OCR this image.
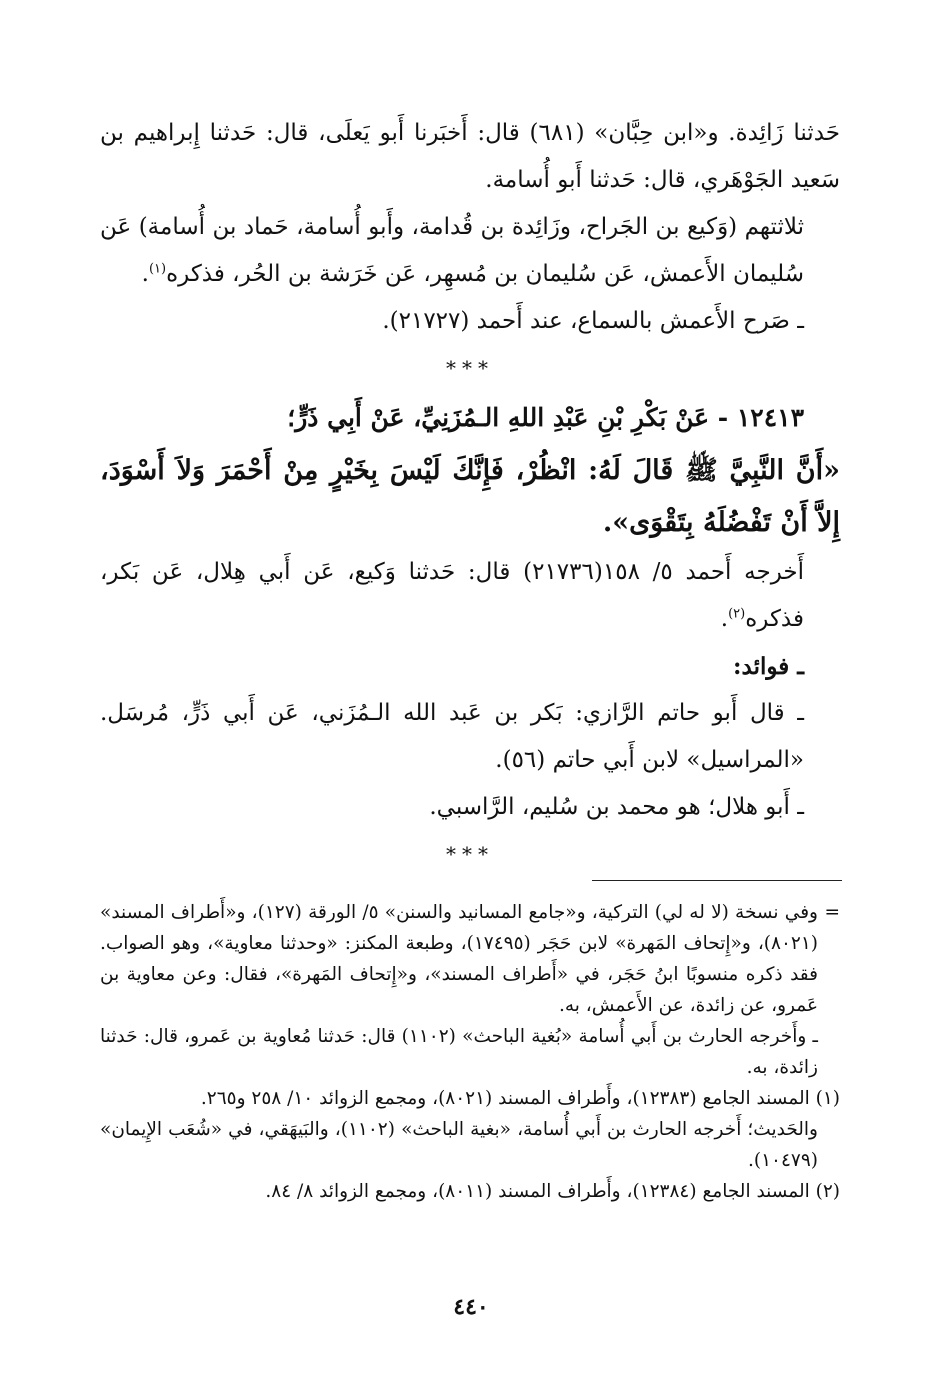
حَدثنا زَائِدة. و«ابن حِبَّان» (٦٨١) قال: أَخبَرنا أَبو يَعلَى، قال: حَدثنا إِبراهيم بن سَعيد الجَوْهَري، قال: حَدثنا أَبو أُسامة.

ثلاثتهم (وَكيع بن الجَراح، وزَائِدة بن قُدامة، وأَبو أُسامة، حَماد بن أُسامة) عَن سُليمان الأَعمش، عَن سُليمان بن مُسهِر، عَن خَرَشة بن الحُر، فذكره$^{(١)}$.

ـ صَرح الأَعمش بالسماع، عند أَحمد (٢١٧٢٧).

***

١٢٤١٣ - عَنْ بَكْرِ بْنِ عَبْدِ اللهِ الـمُزَنِيِّ، عَنْ أَبِي ذَرٍّ؛

«أَنَّ النَّبِيَّ ﷺ قَالَ لَهُ: انْظُرْ، فَإِنَّكَ لَيْسَ بِخَيْرٍ مِنْ أَحْمَرَ وَلاَ أَسْوَدَ، إِلاَّ أَنْ تَفْضُلَهُ بِتَقْوَى».

أَخرجه أَحمد ٥/ ١٥٨(٢١٧٣٦) قال: حَدثنا وَكيع، عَن أَبي هِلال، عَن بَكر، فذكره$^{(٢)}$.

ـ فوائد:

ـ قال أَبو حاتم الرَّازي: بَكر بن عَبد الله الـمُزَني، عَن أَبي ذَرٍّ، مُرسَل. «المراسيل» لابن أَبي حاتم (٥٦).

ـ أَبو هلال؛ هو محمد بن سُليم، الرَّاسبي.

***

=
وفي نسخة (لا له لي) التركية، و«جامع المسانيد والسنن» ٥/ الورقة (١٢٧)، و«أَطراف المسند» (٨٠٢١)، و«إِتحاف المَهرة» لابن حَجَر (١٧٤٩٥)، وطبعة المكنز: «وحدثنا معاوية»، وهو الصواب. فقد ذكره منسوبًا ابنُ حَجَر، في «أَطراف المسند»، و«إِتحاف المَهرة»، فقال: وعن معاوية بن عَمرو، عن زائدة، عن الأَعمش، به.

ـ وأَخرجه الحارث بن أَبي أُسامة «بُغية الباحث» (١١٠٢) قال: حَدثنا مُعاوية بن عَمرو، قال: حَدثنا زائدة، به.

(١) المسند الجامع (١٢٣٨٣)، وأَطراف المسند (٨٠٢١)، ومجمع الزوائد ١٠/ ٢٥٨ و٢٦٥.

والحَديث؛ أَخرجه الحارث بن أَبي أُسامة، «بغية الباحث» (١١٠٢)، والبَيهَقي، في «شُعَب الإِيمان» (١٠٤٧٩).

(٢) المسند الجامع (١٢٣٨٤)، وأَطراف المسند (٨٠١١)، ومجمع الزوائد ٨/ ٨٤.

٤٤٠
